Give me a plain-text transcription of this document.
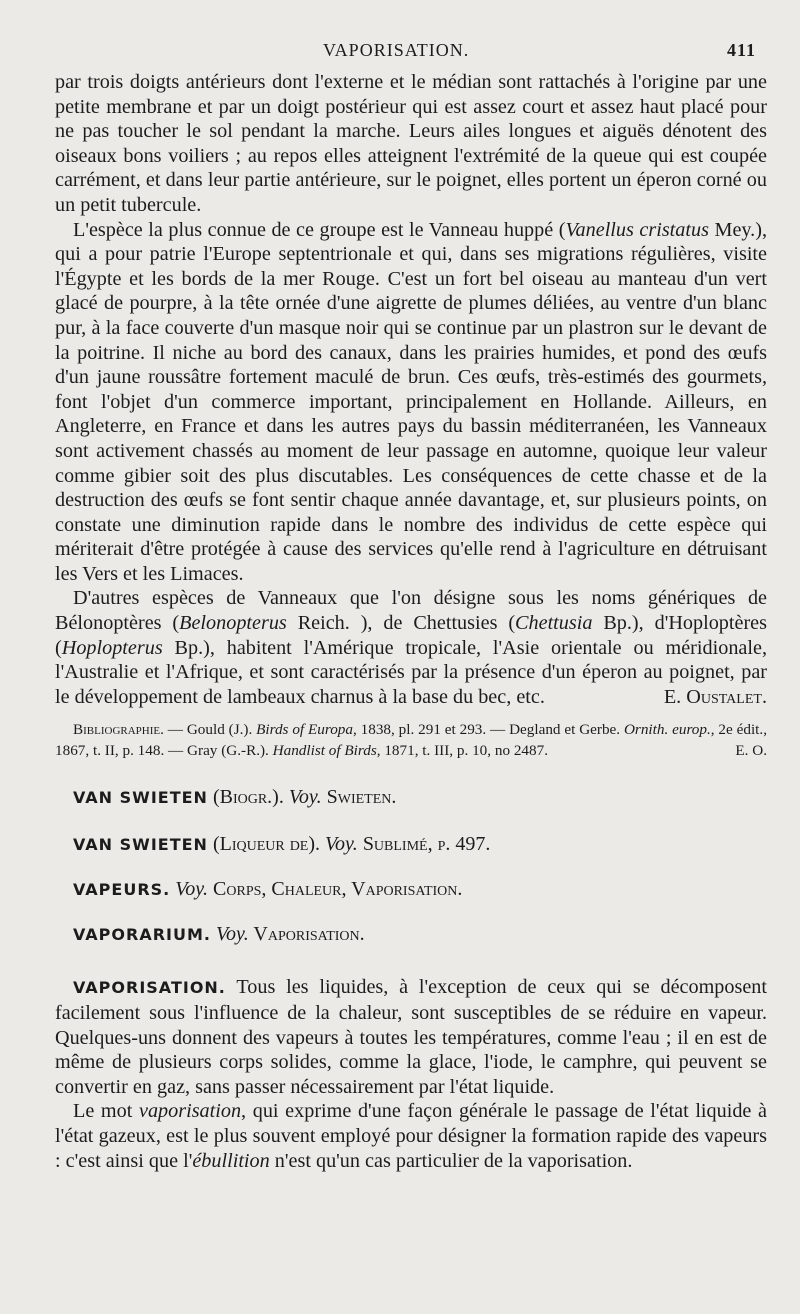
VAPORISATION.	411

par trois doigts antérieurs dont l'externe et le médian sont rattachés à l'origine par une petite membrane et par un doigt postérieur qui est assez court et assez haut placé pour ne pas toucher le sol pendant la marche. Leurs ailes longues et aiguës dénotent des oiseaux bons voiliers ; au repos elles atteignent l'extrémité de la queue qui est coupée carrément, et dans leur partie antérieure, sur le poignet, elles portent un éperon corné ou un petit tubercule.

L'espèce la plus connue de ce groupe est le Vanneau huppé (Vanellus cristatus Mey.), qui a pour patrie l'Europe septentrionale et qui, dans ses migrations régulières, visite l'Égypte et les bords de la mer Rouge. C'est un fort bel oiseau au manteau d'un vert glacé de pourpre, à la tête ornée d'une aigrette de plumes déliées, au ventre d'un blanc pur, à la face couverte d'un masque noir qui se continue par un plastron sur le devant de la poitrine. Il niche au bord des canaux, dans les prairies humides, et pond des œufs d'un jaune roussâtre fortement maculé de brun. Ces œufs, très-estimés des gourmets, font l'objet d'un commerce important, principalement en Hollande. Ailleurs, en Angleterre, en France et dans les autres pays du bassin méditerranéen, les Vanneaux sont activement chassés au moment de leur passage en automne, quoique leur valeur comme gibier soit des plus discutables. Les conséquences de cette chasse et de la destruction des œufs se font sentir chaque année davantage, et, sur plusieurs points, on constate une diminution rapide dans le nombre des individus de cette espèce qui mériterait d'être protégée à cause des services qu'elle rend à l'agriculture en détruisant les Vers et les Limaces.

D'autres espèces de Vanneaux que l'on désigne sous les noms génériques de Bélonoptères (Belonopterus Reich. ), de Chettusies (Chettusia Bp.), d'Hoploptères (Hoplopterus Bp.), habitent l'Amérique tropicale, l'Asie orientale ou méridionale, l'Australie et l'Afrique, et sont caractérisés par la présence d'un éperon au poignet, par le développement de lambeaux charnus à la base du bec, etc.	E. Oustalet.

Bibliographie. — Gould (J.). Birds of Europa, 1838, pl. 291 et 293. — Degland et Gerbe. Ornith. europ., 2e édit., 1867, t. II, p. 148. — Gray (G.-R.). Handlist of Birds, 1871, t. III, p. 10, no 2487.	E. O.

VAN SWIETEN (Biogr.). Voy. Swieten.

VAN SWIETEN (Liqueur de). Voy. Sublimé, p. 497.

VAPEURS. Voy. Corps, Chaleur, Vaporisation.

VAPORARIUM. Voy. Vaporisation.

VAPORISATION. Tous les liquides, à l'exception de ceux qui se décomposent facilement sous l'influence de la chaleur, sont susceptibles de se réduire en vapeur. Quelques-uns donnent des vapeurs à toutes les températures, comme l'eau ; il en est de même de plusieurs corps solides, comme la glace, l'iode, le camphre, qui peuvent se convertir en gaz, sans passer nécessairement par l'état liquide.

Le mot vaporisation, qui exprime d'une façon générale le passage de l'état liquide à l'état gazeux, est le plus souvent employé pour désigner la formation rapide des vapeurs : c'est ainsi que l'ébullition n'est qu'un cas particulier de la vaporisation.
